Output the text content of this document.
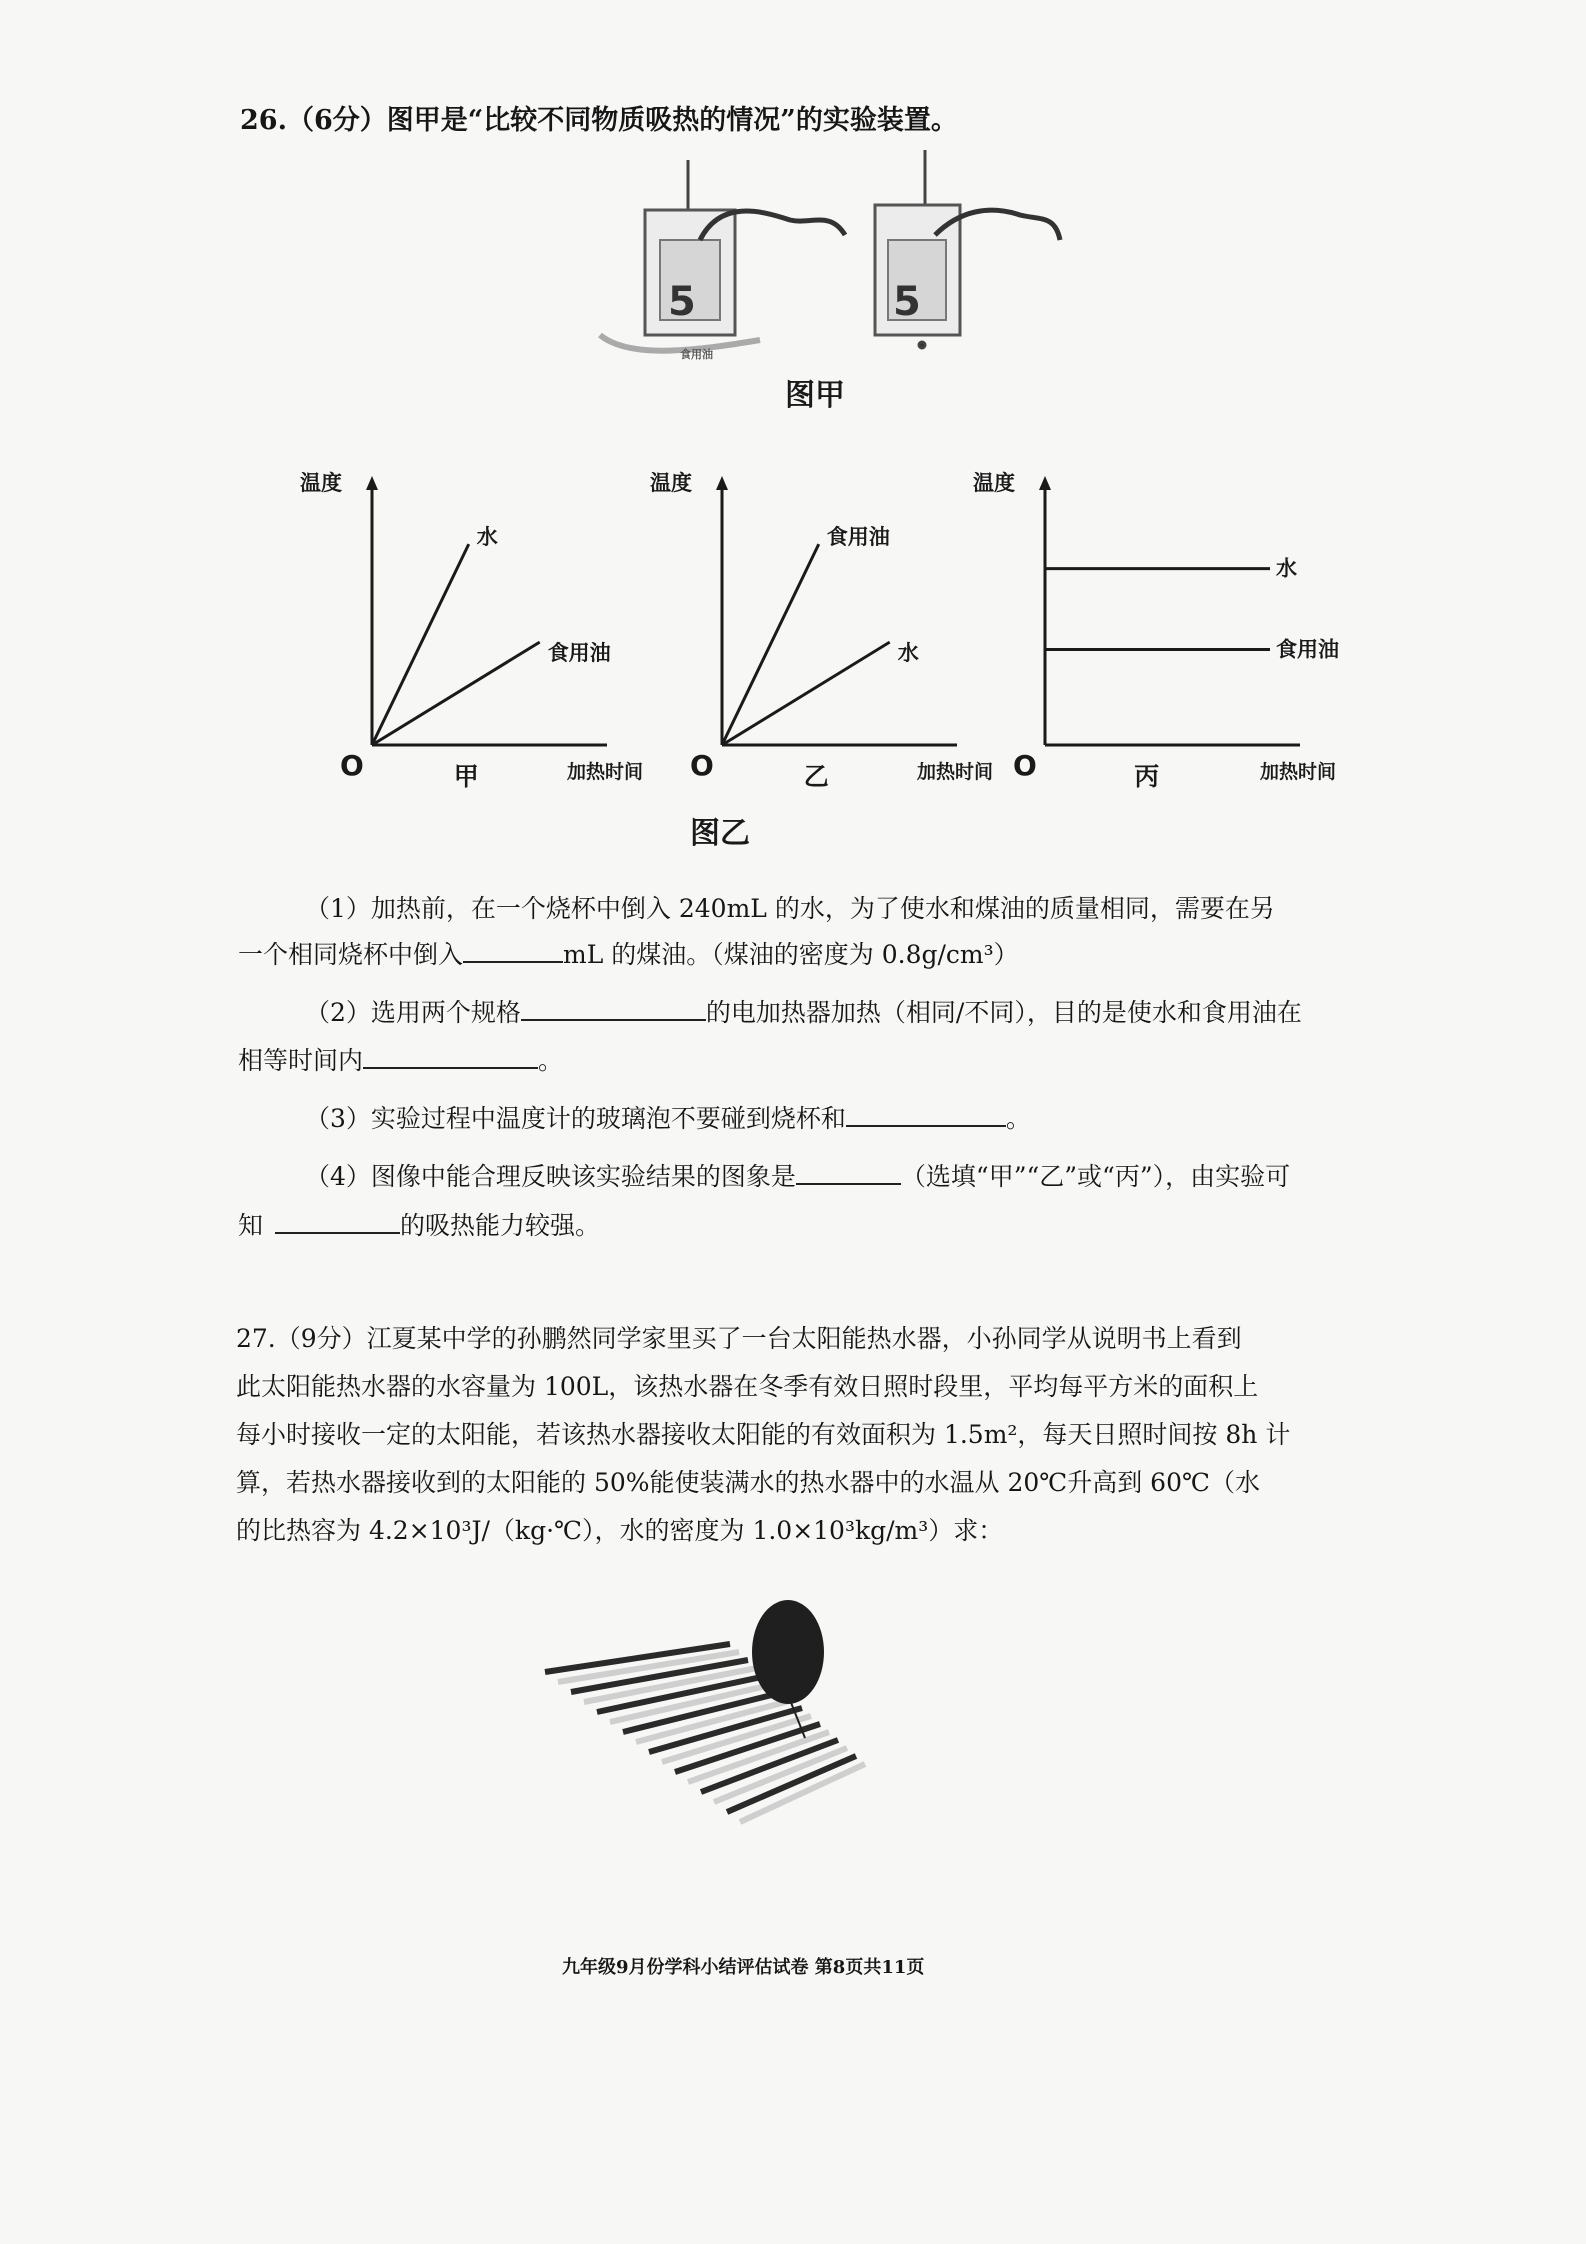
26.（6分）图甲是“比较不同物质吸热的情况”的实验装置。
5	5
食用油
图甲
图乙
温度
O	加热时间
甲
水
食用油
温度
O	加热时间
乙
食用油
水
温度
O	加热时间
丙
水
食用油
（1）加热前，在一个烧杯中倒入 240mL 的水，为了使水和煤油的质量相同，需要在另
一个相同烧杯中倒入	mL 的煤油。（煤油的密度为 0.8g/cm³）
（2）选用两个规格	的电加热器加热（相同/不同），目的是使水和食用油在
相等时间内	。
（3）实验过程中温度计的玻璃泡不要碰到烧杯和	。
（4）图像中能合理反映该实验结果的图象是	（选填“甲”“乙”或“丙”），由实验可
知	的吸热能力较强。
27.（9分）江夏某中学的孙鹏然同学家里买了一台太阳能热水器，小孙同学从说明书上看到
此太阳能热水器的水容量为 100L，该热水器在冬季有效日照时段里，平均每平方米的面积上
每小时接收一定的太阳能，若该热水器接收太阳能的有效面积为 1.5m²，每天日照时间按 8h 计
算，若热水器接收到的太阳能的 50%能使装满水的热水器中的水温从 20℃升高到 60℃（水
的比热容为 4.2×10³J/（kg·℃），水的密度为 1.0×10³kg/m³）求：
九年级9月份学科小结评估试卷 第8页共11页
